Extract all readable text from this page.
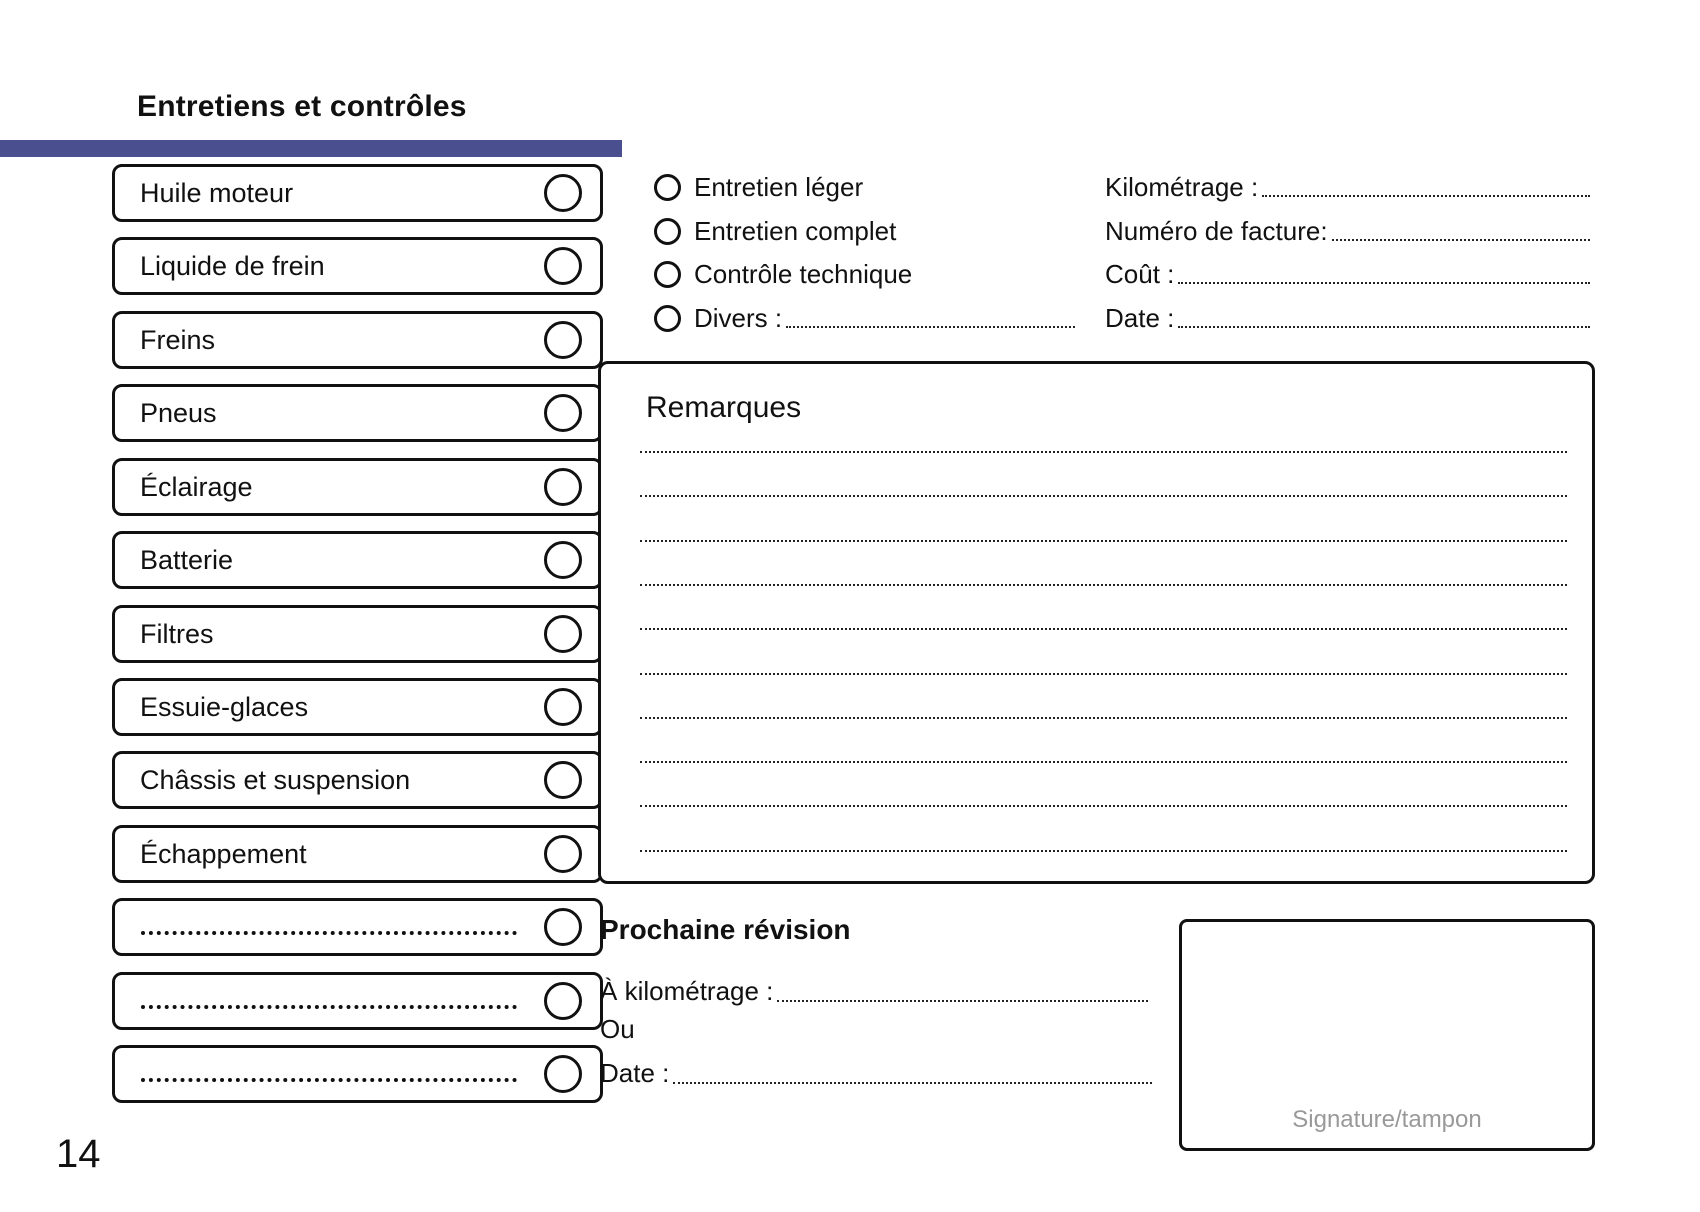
Entretiens et contrôles
Huile moteur
Liquide de frein
Freins
Pneus
Éclairage
Batterie
Filtres
Essuie-glaces
Châssis et suspension
Échappement
Entretien léger
Entretien complet
Contrôle technique
Divers :
Kilométrage :
Numéro de facture:
Coût :
Date :
Remarques
Prochaine révision
À kilométrage :
Ou
Date :
Signature/tampon
14
